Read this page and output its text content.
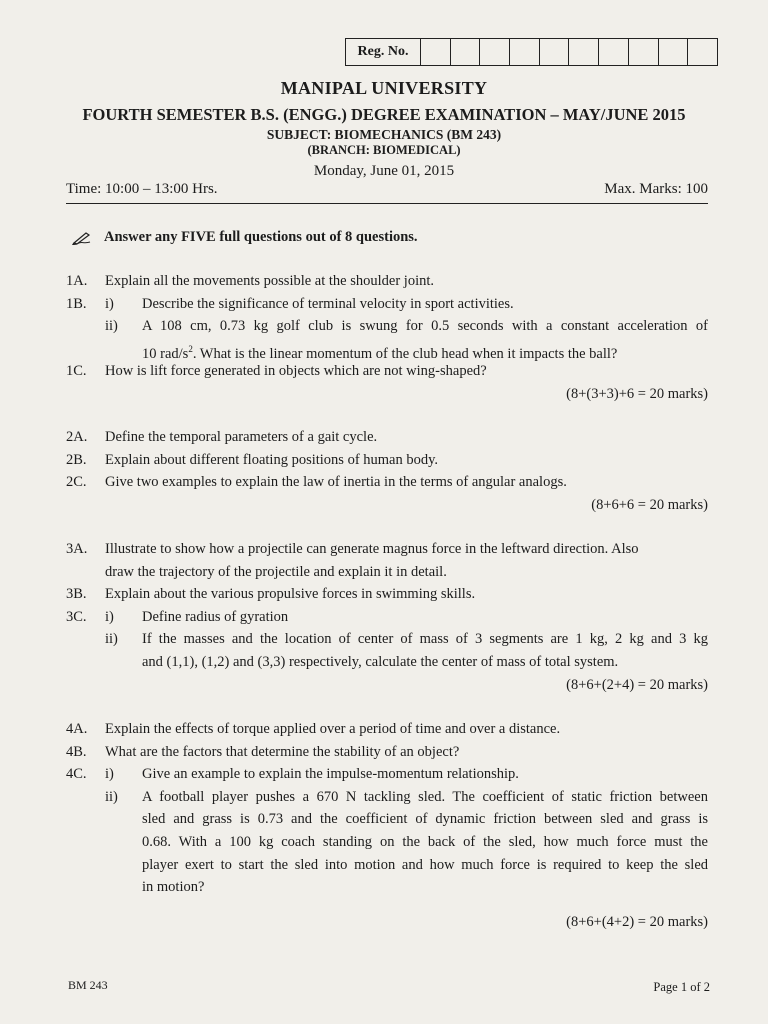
Reg. No.
MANIPAL UNIVERSITY
FOURTH SEMESTER B.S. (ENGG.) DEGREE EXAMINATION – MAY/JUNE 2015
SUBJECT: BIOMECHANICS (BM 243)
(BRANCH: BIOMEDICAL)
Monday, June 01, 2015
Time: 10:00 – 13:00 Hrs.	Max. Marks: 100
Answer any FIVE full questions out of 8 questions.
1A. Explain all the movements possible at the shoulder joint.
1B. i) Describe the significance of terminal velocity in sport activities.
ii) A 108 cm, 0.73 kg golf club is swung for 0.5 seconds with a constant acceleration of
10 rad/$s^2$. What is the linear momentum of the club head when it impacts the ball?
1C. How is lift force generated in objects which are not wing-shaped?
(8+(3+3)+6 = 20 marks)
2A. Define the temporal parameters of a gait cycle.
2B. Explain about different floating positions of human body.
2C. Give two examples to explain the law of inertia in the terms of angular analogs.
(8+6+6 = 20 marks)
3A. Illustrate to show how a projectile can generate magnus force in the leftward direction. Also
draw the trajectory of the projectile and explain it in detail.
3B. Explain about the various propulsive forces in swimming skills.
3C. i) Define radius of gyration
ii) If the masses and the location of center of mass of 3 segments are 1 kg, 2 kg and 3 kg
and (1,1), (1,2) and (3,3) respectively, calculate the center of mass of total system.
(8+6+(2+4) = 20 marks)
4A. Explain the effects of torque applied over a period of time and over a distance.
4B. What are the factors that determine the stability of an object?
4C. i) Give an example to explain the impulse-momentum relationship.
ii) A football player pushes a 670 N tackling sled. The coefficient of static friction between
sled and grass is 0.73 and the coefficient of dynamic friction between sled and grass is
0.68. With a 100 kg coach standing on the back of the sled, how much force must the
player exert to start the sled into motion and how much force is required to keep the sled
in motion?
(8+6+(4+2) = 20 marks)
BM 243	Page 1 of 2
